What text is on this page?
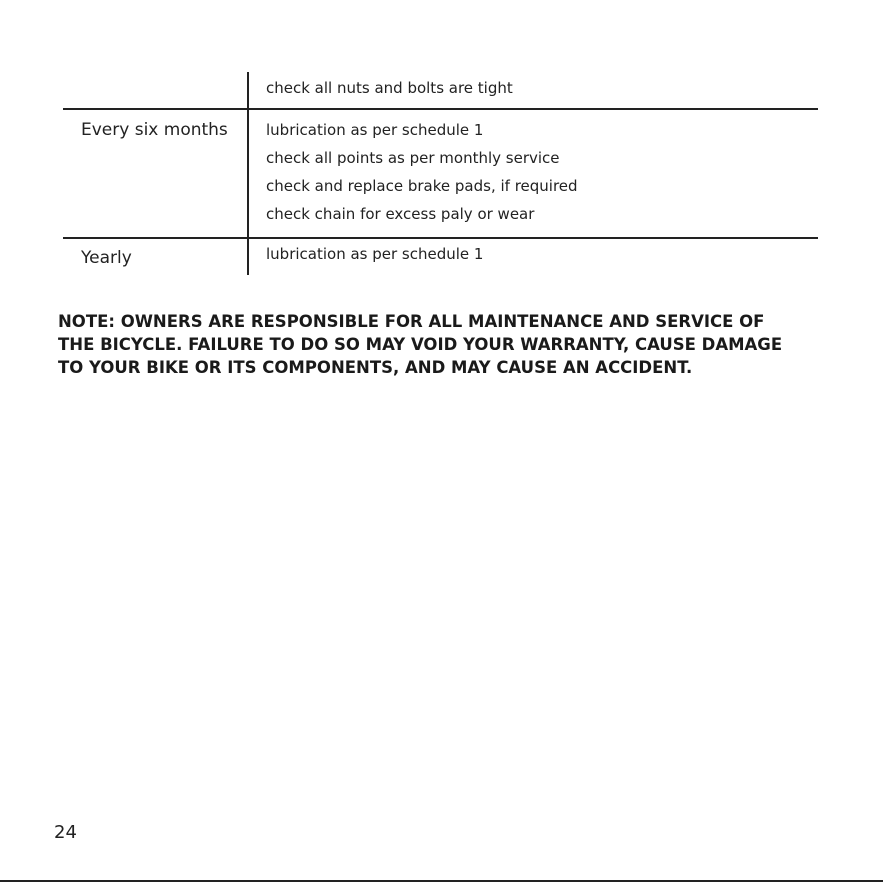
check all nuts and bolts are tight
Every six months	lubrication as per schedule 1
check all points as per monthly service
check and replace brake pads, if required
check chain for excess paly or wear
Yearly	lubrication as per schedule 1
NOTE: OWNERS ARE RESPONSIBLE FOR ALL MAINTENANCE AND SERVICE OF
THE BICYCLE. FAILURE TO DO SO MAY VOID YOUR WARRANTY, CAUSE DAMAGE
TO YOUR BIKE OR ITS COMPONENTS, AND MAY CAUSE AN ACCIDENT.
24
